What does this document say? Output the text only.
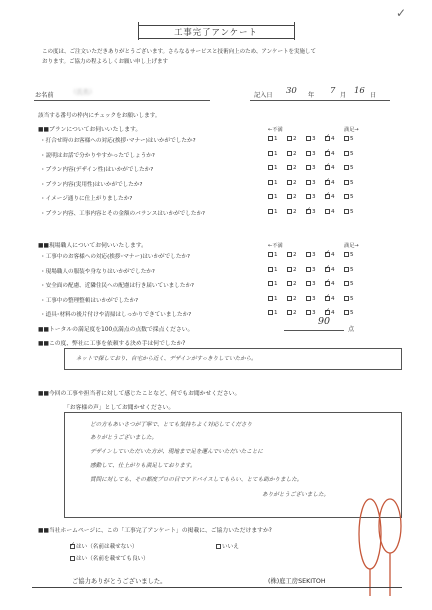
✓
工事完了アンケート
この度は、ご注文いただきありがとうございます。さらなるサービスと技術向上のため、アンケートを実施して
おります。ご協力の程よろしくお願い申し上げます
お名前	（氏名）	記入日 30 年 7 月 16 日
該当する番号の枠内にチェックをお願いします。
■■プランについてお伺いいたします。	←不満	満足→
・打合せ時のお客様への対応(挨拶･マナー)はいかがでしたか?	1	2	3 ✓	4	5
・説明はお話で分かりやすかったでしょうか?	1	2	3 ✓	4	5
・プラン内容(デザイン性)はいかがでしたか?	1	2	3 ✓	4	5
・プラン内容(実用性)はいかがでしたか?	1	2	3 ✓	4	5
・イメージ通りに仕上がりましたか?	1	2	3 ✓	4	5
・プラン内容、工事内容とその金額のバランスはいかがでしたか?	1	2 ✓	3	4	5
■■現場職人についてお伺いいたします。	←不満	満足→
・工事中のお客様への対応(挨拶･マナー)はいかがでしたか?	1	2	3 ✓	4	5
・現場職人の服装や身なりはいかがでしたか?	1	2	3 ✓	4	5
・安全面の配慮、近隣住民への配慮は行き届いていましたか?	1	2	3 ✓	4	5
・工事中の整理整頓はいかがでしたか?	1	2	3 ✓	4	5
・道具･材料の後片付けや清掃はしっかりできていましたか?	1	2	3 ✓	4	5
■■トータルの満足度を100点満点の点数で採点ください。
90
点
■■この度、弊社に工事を依頼する決め手は何でしたか?
ネットで探しており、自宅から近く、デザインがすっきりしていたから。
■■今回の工事や担当者に対して感じたことなど、何でもお聞かせください。
「お客様の声」としてお聞かせください。
どの方もあいさつが丁寧で、とても気持ちよく対応してくださり
ありがとうございました。
デザインしていただいた方が、現地まで足を運んでいただいたことに
感動して、仕上がりも満足しております。
質問に対しても、その都度プロの目でアドバイスしてもらい、とても助かりました。
ありがとうございました。
■■当社ホームページに、この「工事完了アンケート」の掲載に、ご協力いただけますか?
✓はい（名前は載せない）
はい（名前を載せても良い）
いいえ
ご協力ありがとうございました。	(株)庭工房SEKITOH
